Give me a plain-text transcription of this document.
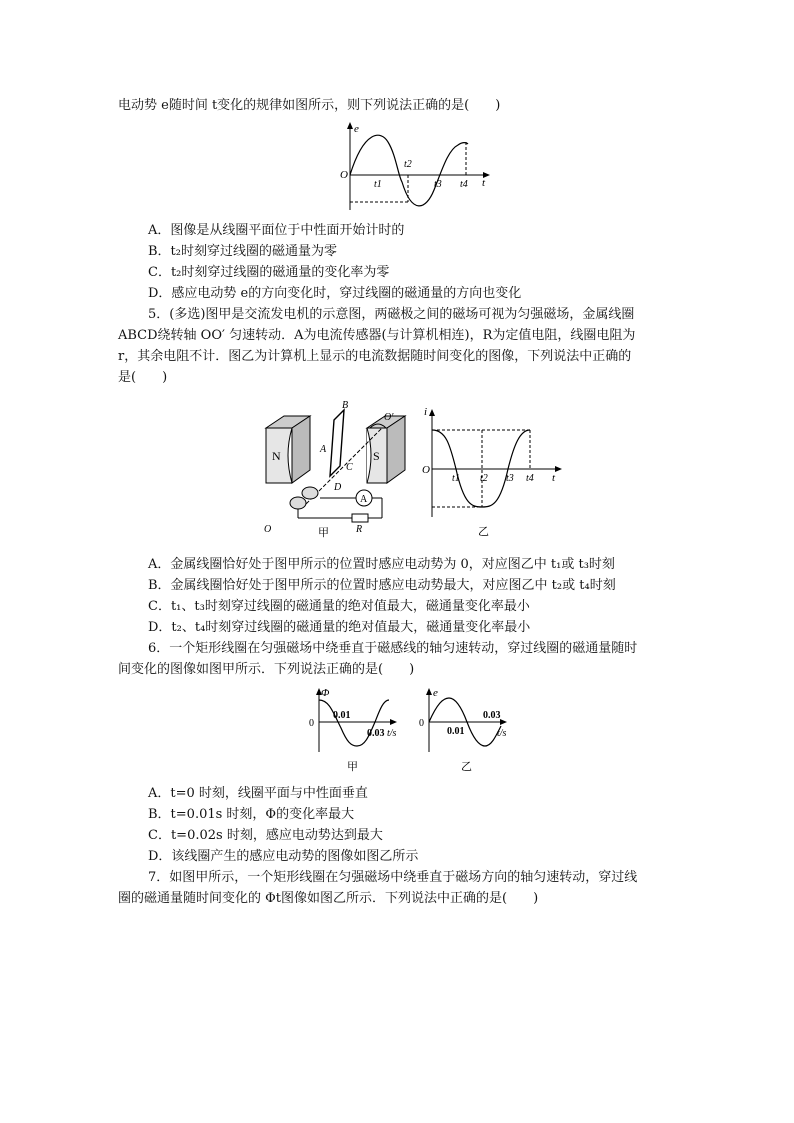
电动势 e随时间 t变化的规律如图所示，则下列说法正确的是(　　)
e
O
t
t1
t2
t3 t4
A．图像是从线圈平面位于中性面开始计时的
B．t₂时刻穿过线圈的磁通量为零
C．t₂时刻穿过线圈的磁通量的变化率为零
D．感应电动势 e的方向变化时，穿过线圈的磁通量的方向也变化
5．(多选)图甲是交流发电机的示意图，两磁极之间的磁场可视为匀强磁场，金属线圈
ABCD绕转轴 OO′ 匀速转动．A为电流传感器(与计算机相连)，R为定值电阻，线圈电阻为
r，其余电阻不计．图乙为计算机上显示的电流数据随时间变化的图像，下列说法中正确的
是(　　)
N	S
A
A
B
C
D
O
O′
R
甲
i
O
t
t1 t2 t3 t4
乙
A．金属线圈恰好处于图甲所示的位置时感应电动势为 0，对应图乙中 t₁或 t₃时刻
B．金属线圈恰好处于图甲所示的位置时感应电动势最大，对应图乙中 t₂或 t₄时刻
C．t₁、t₃时刻穿过线圈的磁通量的绝对值最大，磁通量变化率最小
D．t₂、t₄时刻穿过线圈的磁通量的绝对值最大，磁通量变化率最小
6．一个矩形线圈在匀强磁场中绕垂直于磁感线的轴匀速转动，穿过线圈的磁通量随时
间变化的图像如图甲所示．下列说法正确的是(　　)
Φ
0
0.01
0.03 t/s
甲
e
0
0.01
0.03
t/s
乙
A．t=0 时刻，线圈平面与中性面垂直
B．t=0.01s 时刻，Φ的变化率最大
C．t=0.02s 时刻，感应电动势达到最大
D．该线圈产生的感应电动势的图像如图乙所示
7．如图甲所示，一个矩形线圈在匀强磁场中绕垂直于磁场方向的轴匀速转动，穿过线
圈的磁通量随时间变化的 Φt图像如图乙所示．下列说法中正确的是(　　)
